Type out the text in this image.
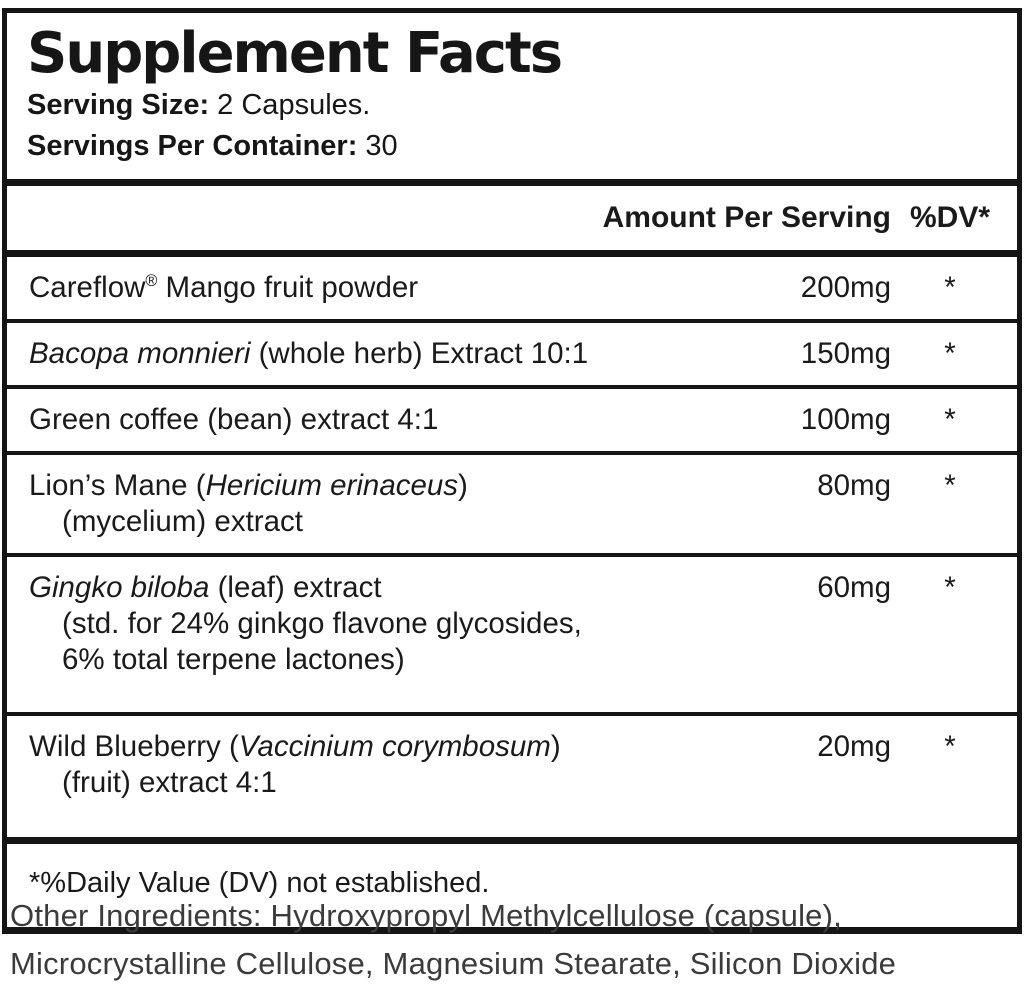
Supplement Facts
Serving Size: 2 Capsules.
Servings Per Container: 30
Amount Per Serving %DV*
Careflow® Mango fruit powder	200mg	*
Bacopa monnieri (whole herb) Extract 10:1	150mg	*
Green coffee (bean) extract 4:1	100mg	*
Lion’s Mane (Hericium erinaceus)
(mycelium) extract
80mg	*
Gingko biloba (leaf) extract
(std. for 24% ginkgo flavone glycosides,
6% total terpene lactones)
60mg	*
Wild Blueberry (Vaccinium corymbosum)
(fruit) extract 4:1
20mg	*
*%Daily Value (DV) not established.
Other Ingredients: Hydroxypropyl Methylcellulose (capsule),
Microcrystalline Cellulose, Magnesium Stearate, Silicon Dioxide
